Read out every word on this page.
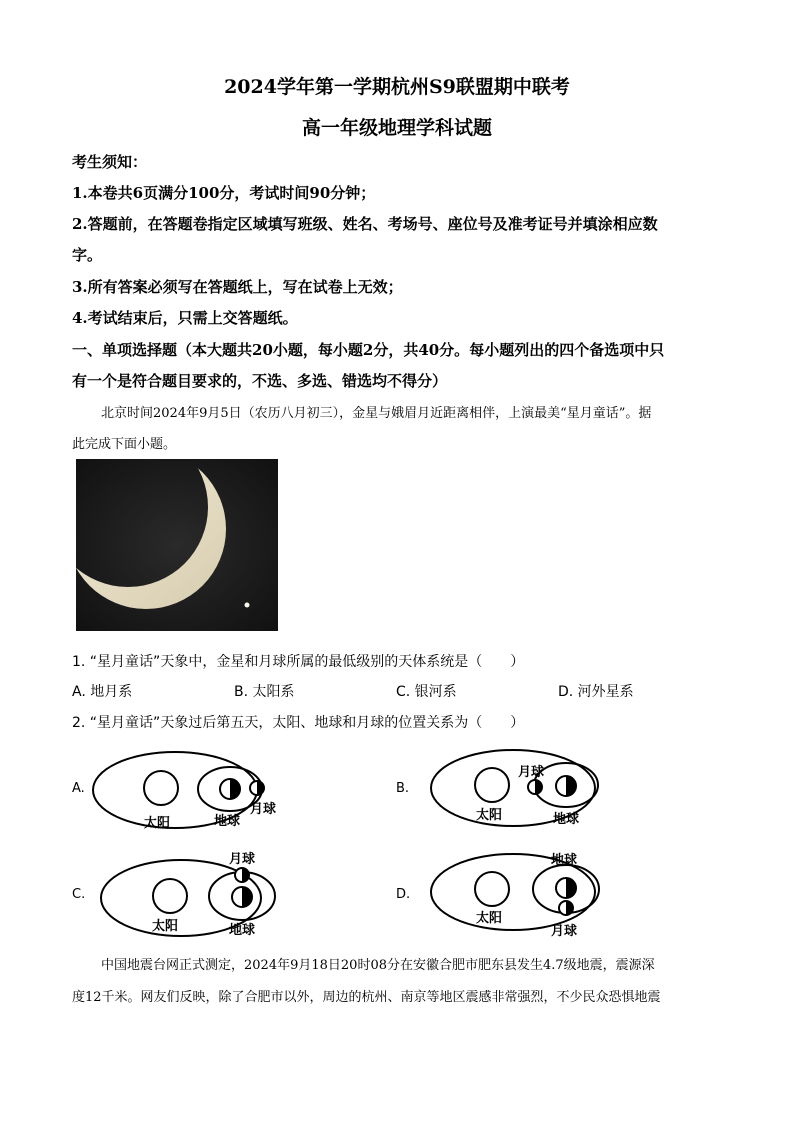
2024学年第一学期杭州S9联盟期中联考
高一年级地理学科试题
考生须知：
1.本卷共6页满分100分，考试时间90分钟；
2.答题前，在答题卷指定区域填写班级、姓名、考场号、座位号及准考证号并填涂相应数
字。
3.所有答案必须写在答题纸上，写在试卷上无效；
4.考试结束后，只需上交答题纸。
一、单项选择题（本大题共20小题，每小题2分，共40分。每小题列出的四个备选项中只
有一个是符合题目要求的，不选、多选、错选均不得分）
北京时间2024年9月5日（农历八月初三），金星与娥眉月近距离相伴，上演最美“星月童话”。据
此完成下面小题。
1. “星月童话”天象中，金星和月球所属的最低级别的天体系统是（　　）
A. 地月系	B. 太阳系	C. 银河系	D. 河外星系
2. “星月童话”天象过后第五天，太阳、地球和月球的位置关系为（　　）
A.
太阳	地球
月球
B.
月球
太阳	地球
C.
月球
太阳	地球
D.
地球
太阳
月球
中国地震台网正式测定，2024年9月18日20时08分在安徽合肥市肥东县发生4.7级地震，震源深
度12千米。网友们反映，除了合肥市以外，周边的杭州、南京等地区震感非常强烈，不少民众恐惧地震
